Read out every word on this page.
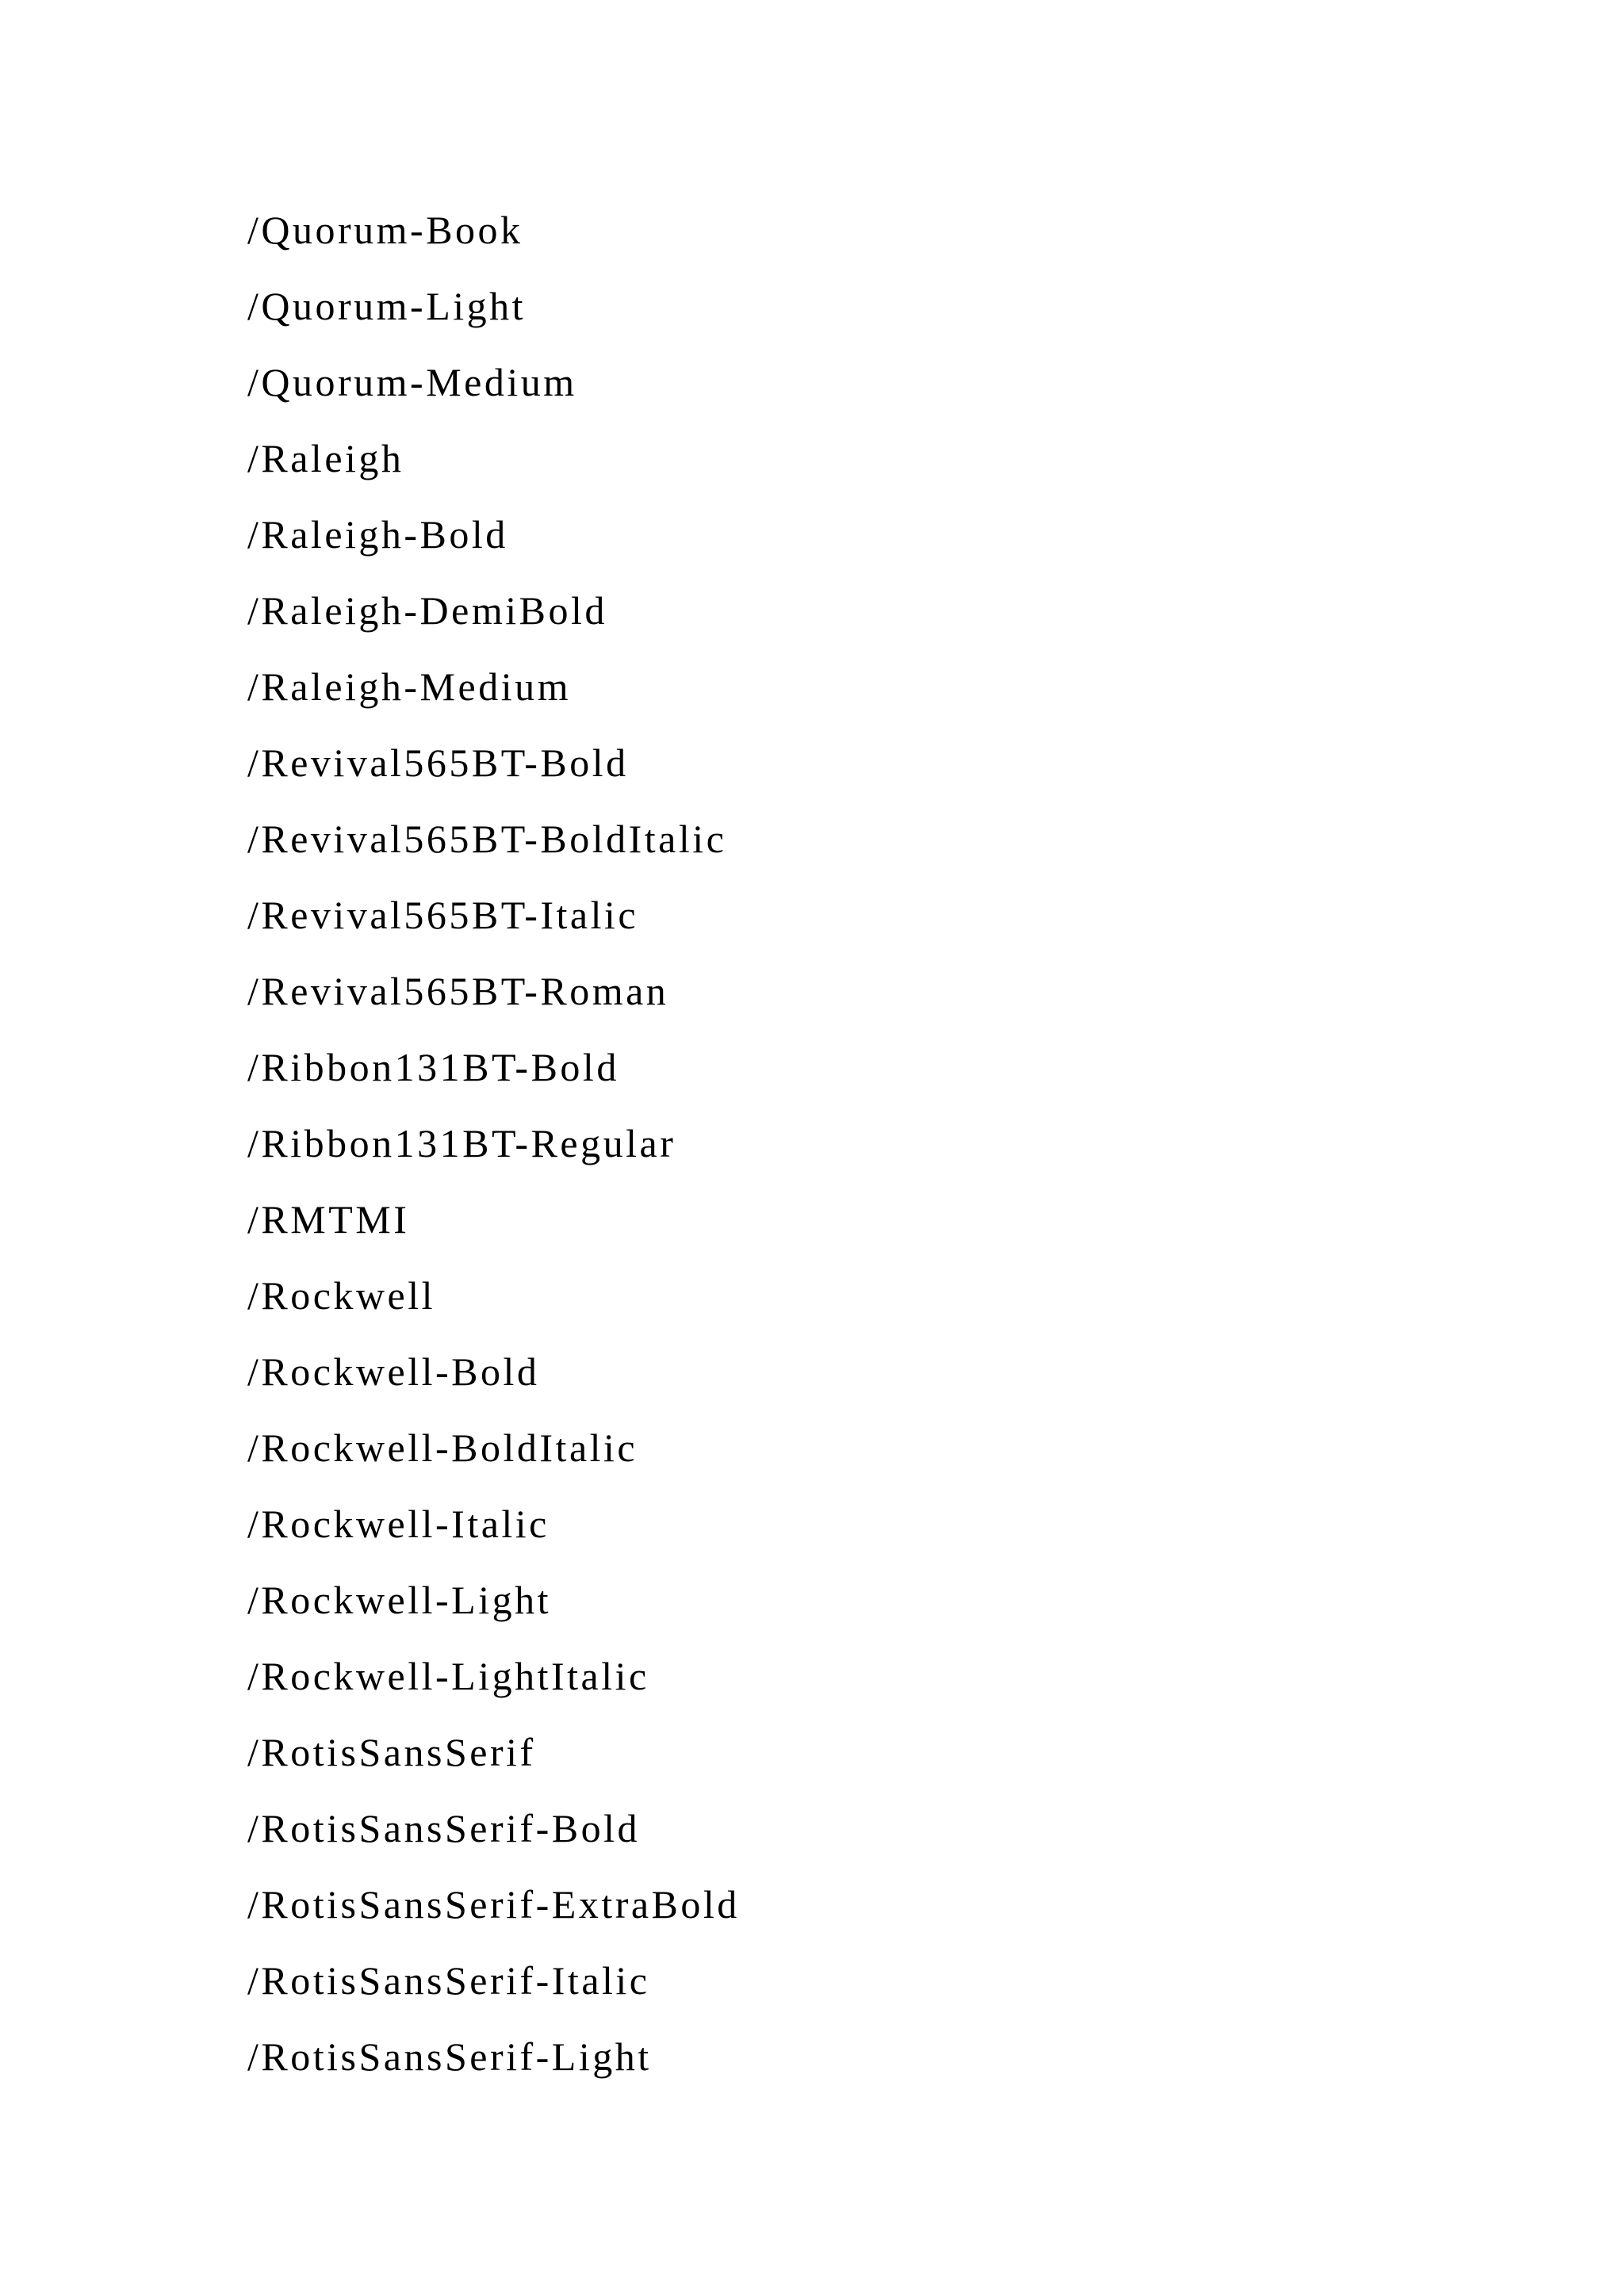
/Quorum-Book
/Quorum-Light
/Quorum-Medium
/Raleigh
/Raleigh-Bold
/Raleigh-DemiBold
/Raleigh-Medium
/Revival565BT-Bold
/Revival565BT-BoldItalic
/Revival565BT-Italic
/Revival565BT-Roman
/Ribbon131BT-Bold
/Ribbon131BT-Regular
/RMTMI
/Rockwell
/Rockwell-Bold
/Rockwell-BoldItalic
/Rockwell-Italic
/Rockwell-Light
/Rockwell-LightItalic
/RotisSansSerif
/RotisSansSerif-Bold
/RotisSansSerif-ExtraBold
/RotisSansSerif-Italic
/RotisSansSerif-Light
